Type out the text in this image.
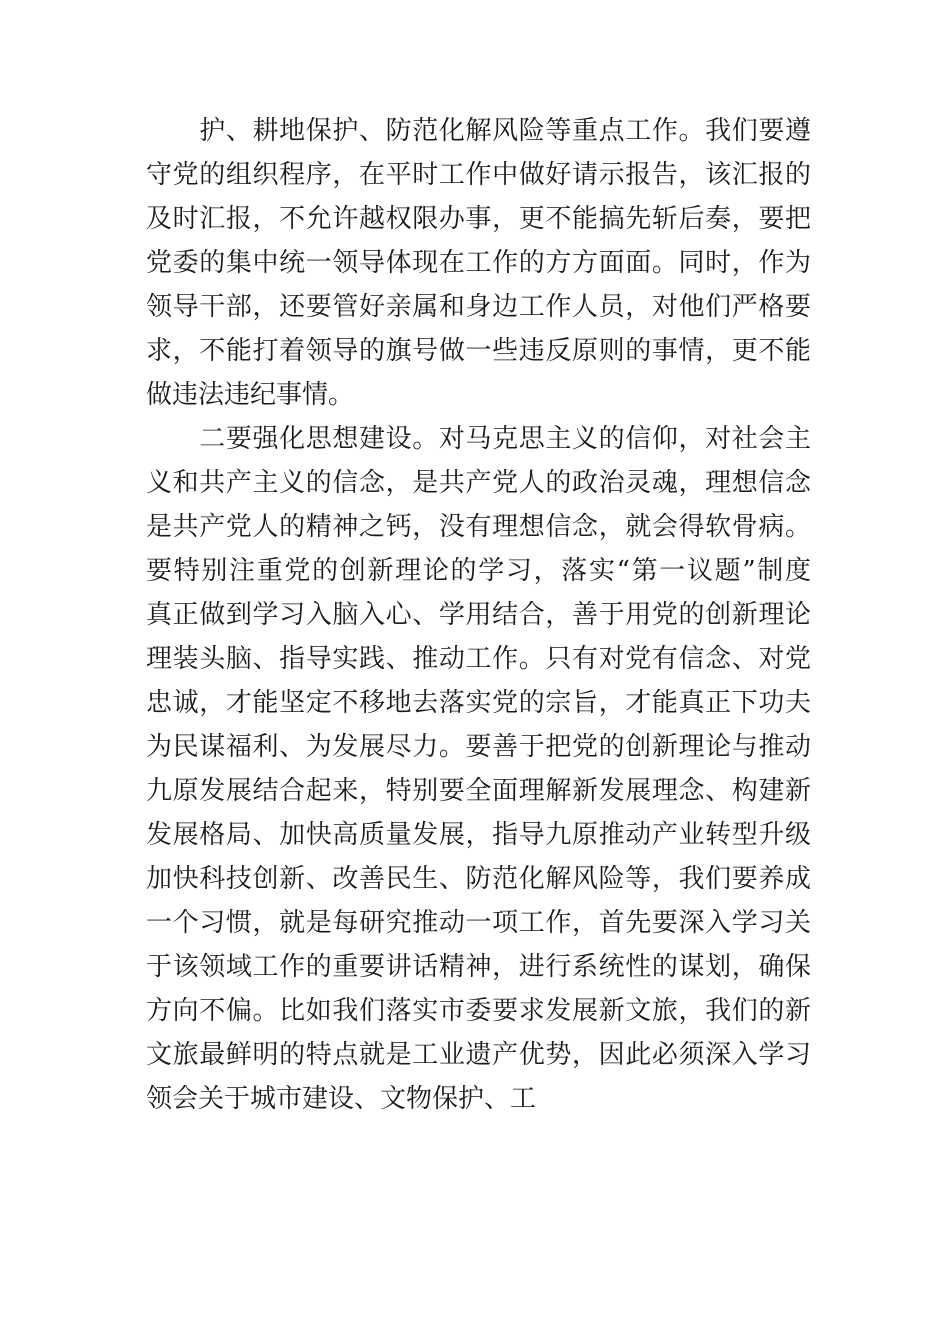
　　护、耕地保护、防范化解风险等重点工作。我们要遵
守党的组织程序，在平时工作中做好请示报告，该汇报的
及时汇报，不允许越权限办事，更不能搞先斩后奏，要把
党委的集中统一领导体现在工作的方方面面。同时，作为
领导干部，还要管好亲属和身边工作人员，对他们严格要
求，不能打着领导的旗号做一些违反原则的事情，更不能
做违法违纪事情。
　　二要强化思想建设。对马克思主义的信仰，对社会主
义和共产主义的信念，是共产党人的政治灵魂，理想信念
是共产党人的精神之钙，没有理想信念，就会得软骨病。
要特别注重党的创新理论的学习，落实“第一议题”制度
真正做到学习入脑入心、学用结合，善于用党的创新理论
理装头脑、指导实践、推动工作。只有对党有信念、对党
忠诚，才能坚定不移地去落实党的宗旨，才能真正下功夫
为民谋福利、为发展尽力。要善于把党的创新理论与推动
九原发展结合起来，特别要全面理解新发展理念、构建新
发展格局、加快高质量发展，指导九原推动产业转型升级
加快科技创新、改善民生、防范化解风险等，我们要养成
一个习惯，就是每研究推动一项工作，首先要深入学习关
于该领域工作的重要讲话精神，进行系统性的谋划，确保
方向不偏。比如我们落实市委要求发展新文旅，我们的新
文旅最鲜明的特点就是工业遗产优势，因此必须深入学习
领会关于城市建设、文物保护、工
